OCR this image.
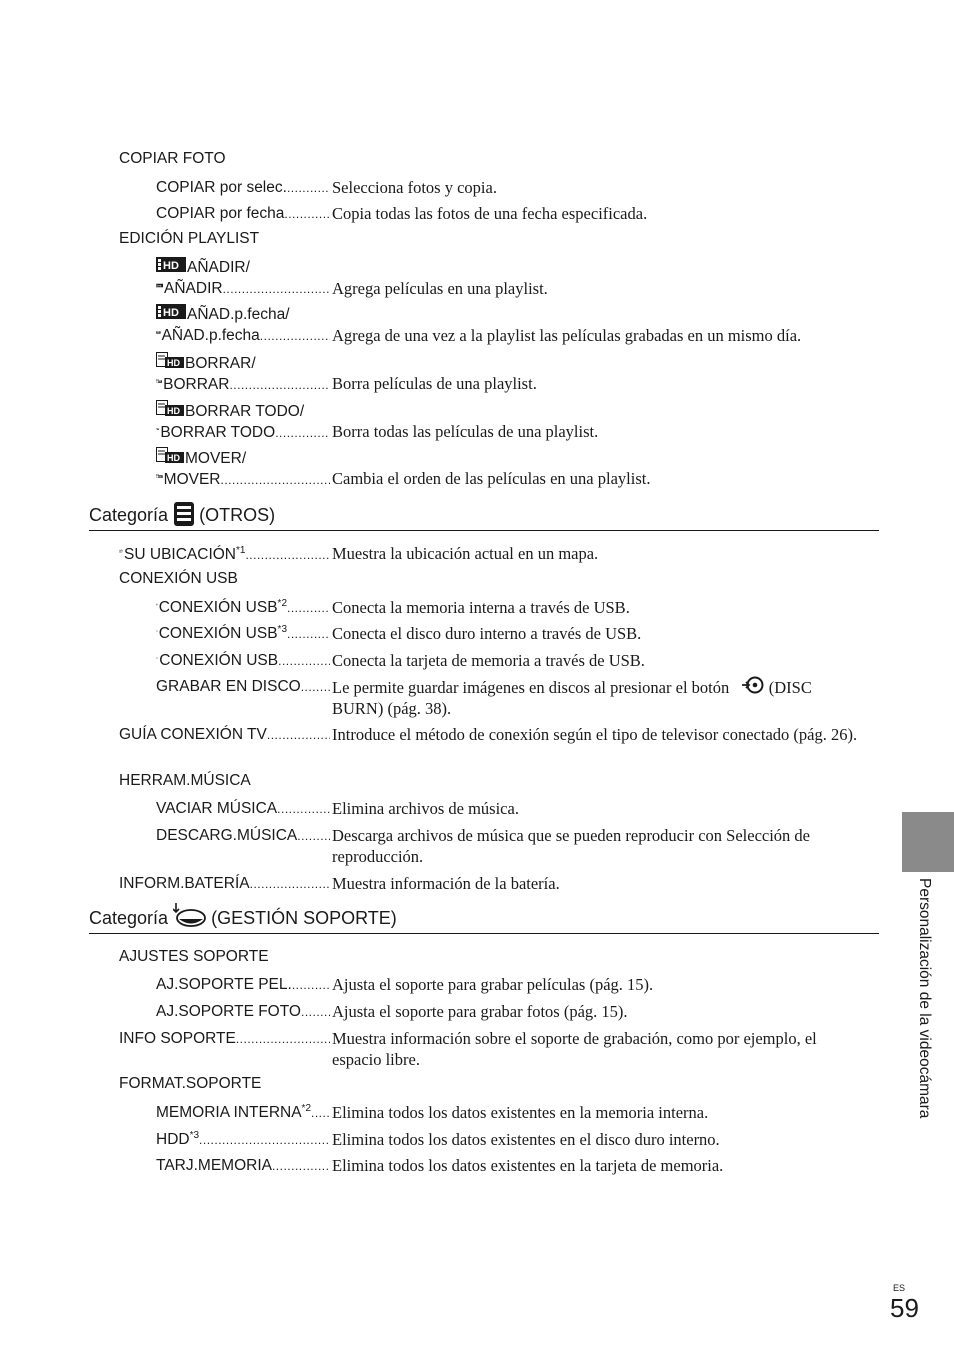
COPIAR FOTO
COPIAR por selec. .....	Selecciona fotos y copia.
COPIAR por fecha .....	Copia todas las fotos de una fecha especificada.
EDICIÓN PLAYLIST
HD AÑADIR/
STD AÑADIR .....	Agrega películas en una playlist.
HD AÑAD.p.fecha/
STD AÑAD.p.fecha .....	Agrega de una vez a la playlist las películas grabadas en un mismo día.
HD BORRAR/
STD BORRAR .....	Borra películas de una playlist.
HD BORRAR TODO/
STD BORRAR TODO .....	Borra todas las películas de una playlist.
HD MOVER/
STD MOVER .....	Cambia el orden de las películas en una playlist.
Categoría
(OTROS)
SU UBICACIÓN$^{*1}$ .....	Muestra la ubicación actual en un mapa.
CONEXIÓN USB
CONEXIÓN USB$^{*2}$ .....	Conecta la memoria interna a través de USB.
CONEXIÓN USB$^{*3}$ .....	Conecta el disco duro interno a través de USB.
CONEXIÓN USB .....	Conecta la tarjeta de memoria a través de USB.
GRABAR EN DISCO ..... Le permite guardar imágenes en discos al presionar el botón (DISC
BURN) (pág. 38).
GUÍA CONEXIÓN TV .....	Introduce el método de conexión según el tipo de televisor conectado (pág. 26).
HERRAM.MÚSICA
VACIAR MÚSICA .....	Elimina archivos de música.
DESCARG.MÚSICA ..... Descarga archivos de música que se pueden reproducir con Selección de reproducción.
INFORM.BATERÍA .....	Muestra información de la batería.
Categoría
(GESTIÓN SOPORTE)
AJUSTES SOPORTE
AJ.SOPORTE PEL. ..... Ajusta el soporte para grabar películas (pág. 15).
AJ.SOPORTE FOTO ..... Ajusta el soporte para grabar fotos (pág. 15).
INFO SOPORTE .....	Muestra información sobre el soporte de grabación, como por ejemplo, el espacio libre.
FORMAT.SOPORTE
MEMORIA INTERNA$^{*2}$ ..... Elimina todos los datos existentes en la memoria interna.
HDD$^{*3}$ .....	Elimina todos los datos existentes en el disco duro interno.
TARJ.MEMORIA .....	Elimina todos los datos existentes en la tarjeta de memoria.
Personalización de la videocámara
ES
59
